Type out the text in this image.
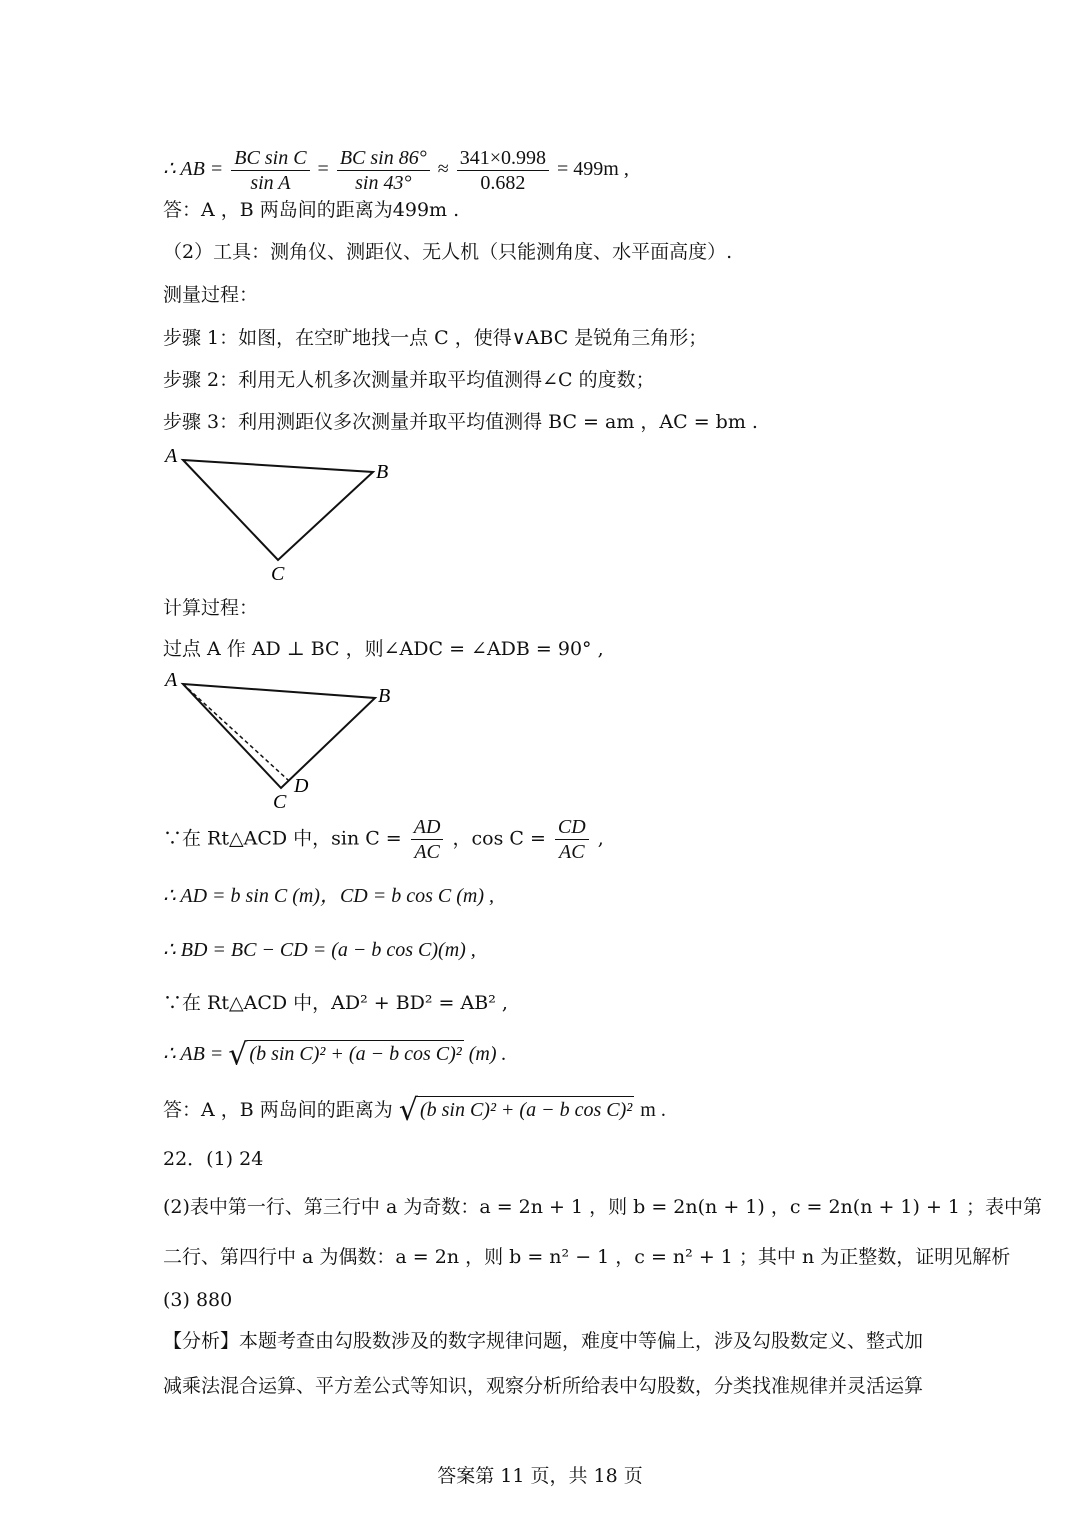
∴ AB = $\frac{\text{BC sin C}}{\text{sin A}} = \frac{\text{BC sin 86°}}{\sin 43^\circ} \approx \frac{341\times 0.998}{0.682} = 499m$ ,
答：A ，B 两岛间的距离为499m .
（2）工具：测角仪、测距仪、无人机（只能测角度、水平面高度）.
测量过程：
步骤 1：如图，在空旷地找一点 C ，使得∨ABC 是锐角三角形；
步骤 2：利用无人机多次测量并取平均值测得∠C 的度数；
步骤 3：利用测距仪多次测量并取平均值测得 BC = am ，AC = bm .
A
B
C
计算过程：
过点 A 作 AD ⊥ BC ，则∠ADC = ∠ADB = 90° ,
A
B
C
D
∵在 Rt△ACD 中，$\sin C = \frac{AD}{AC}$ ，$\cos C = \frac{CD}{AC}$ ,
∴ AD = b sin C (m)，CD = b cos C (m) ,
∴ BD = BC − CD = (a − b cos C)(m) ,
∵在 Rt△ACD 中，AD² + BD² = AB² ,
∴ AB = √ (b sin C)² + (a − b cos C)² (m) .
答：A ，B 两岛间的距离为 √ (b sin C)² + (a − b cos C)² m .
22．(1) 24
(2)表中第一行、第三行中 a 为奇数：a = 2n + 1 ，则 b = 2n(n + 1) ，c = 2n(n + 1) + 1 ；表中第
二行、第四行中 a 为偶数：a = 2n ，则 b = n² − 1 ，c = n² + 1 ；其中 n 为正整数，证明见解析
(3) 880
【分析】本题考查由勾股数涉及的数字规律问题，难度中等偏上，涉及勾股数定义、整式加
减乘法混合运算、平方差公式等知识，观察分析所给表中勾股数，分类找准规律并灵活运算
答案第 11 页，共 18 页
